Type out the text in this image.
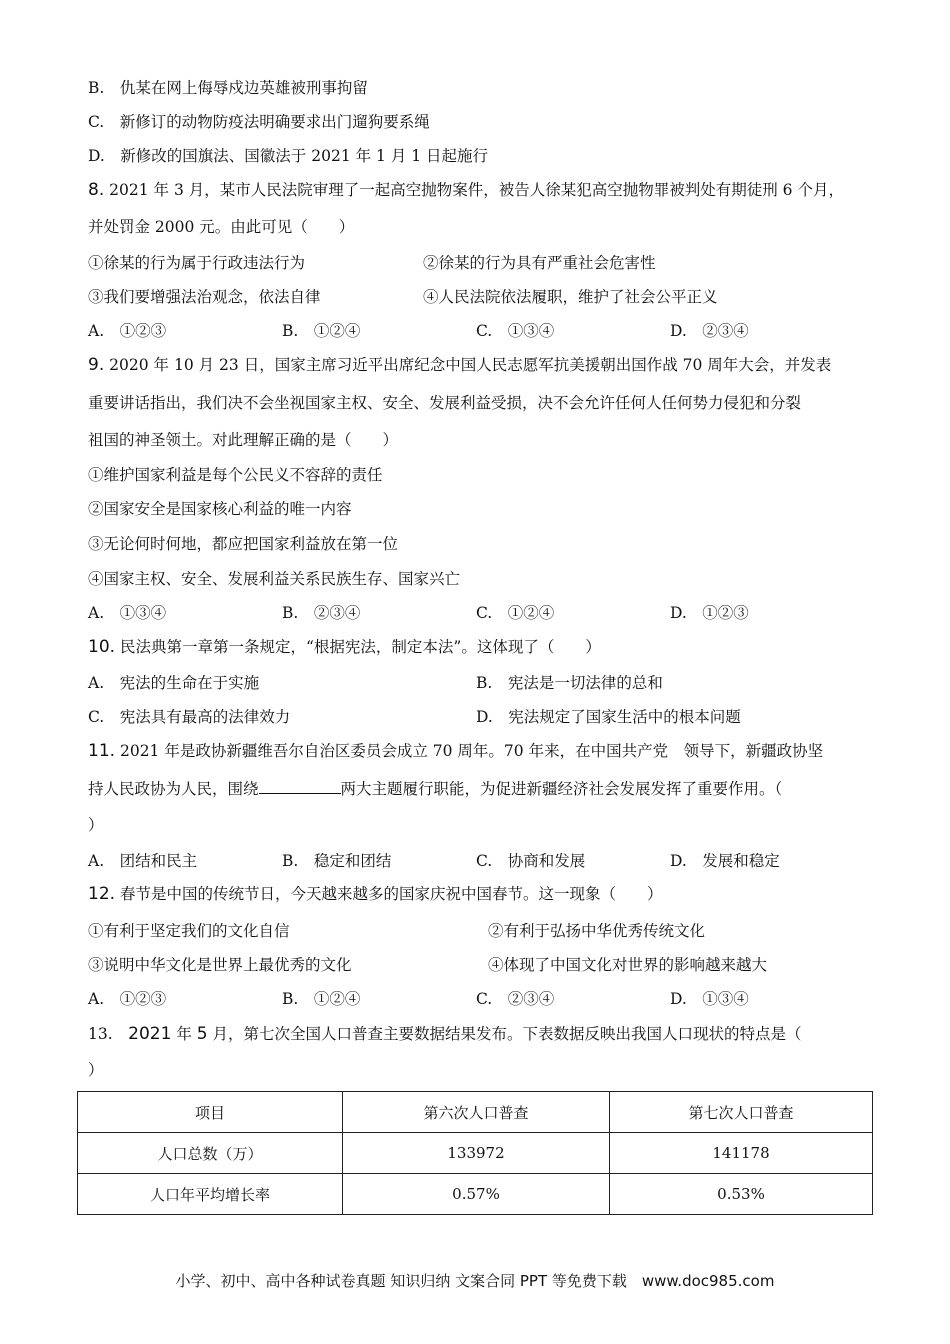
B.　仇某在网上侮辱戍边英雄被刑事拘留
C.　新修订的动物防疫法明确要求出门遛狗要系绳
D.　新修改的国旗法、国徽法于 2021 年 1 月 1 日起施行
8. 2021 年 3 月，某市人民法院审理了一起高空抛物案件，被告人徐某犯高空抛物罪被判处有期徒刑 6 个月，
并处罚金 2000 元。由此可见（　　）
①徐某的行为属于行政违法行为	②徐某的行为具有严重社会危害性
③我们要增强法治观念，依法自律	④人民法院依法履职，维护了社会公平正义
A.　①②③	B.　①②④	C.　①③④	D.　②③④
9. 2020 年 10 月 23 日，国家主席习近平出席纪念中国人民志愿军抗美援朝出国作战 70 周年大会，并发表
重要讲话指出，我们决不会坐视国家主权、安全、发展利益受损，决不会允许任何人任何势力侵犯和分裂
祖国的神圣领土。对此理解正确的是（　　）
①维护国家利益是每个公民义不容辞的责任
②国家安全是国家核心利益的唯一内容
③无论何时何地，都应把国家利益放在第一位
④国家主权、安全、发展利益关系民族生存、国家兴亡
A.　①③④	B.　②③④	C.　①②④	D.　①②③
10. 民法典第一章第一条规定，“根据宪法，制定本法”。这体现了（　　）
A.　宪法的生命在于实施	B.　宪法是一切法律的总和
C.　宪法具有最高的法律效力	D.　宪法规定了国家生活中的根本问题
11. 2021 年是政协新疆维吾尔自治区委员会成立 70 周年。70 年来，在中国共产党　领导下，新疆政协坚
持人民政协为人民，围绕	两大主题履行职能，为促进新疆经济社会发展发挥了重要作用。（
）
A.　团结和民主	B.　稳定和团结	C.　协商和发展	D.　发展和稳定
12. 春节是中国的传统节日，今天越来越多的国家庆祝中国春节。这一现象（　　）
①有利于坚定我们的文化自信	②有利于弘扬中华优秀传统文化
③说明中华文化是世界上最优秀的文化	④体现了中国文化对世界的影响越来越大
A.　①②③	B.　①②④	C.　②③④	D.　①③④
13.　2021 年 5 月，第七次全国人口普查主要数据结果发布。下表数据反映出我国人口现状的特点是（
）
项目	第六次人口普查	第七次人口普查
人口总数（万）	133972	141178
人口年平均增长率	0.57%	0.53%
小学、初中、高中各种试卷真题 知识归纳 文案合同 PPT 等免费下载　www.doc985.com
